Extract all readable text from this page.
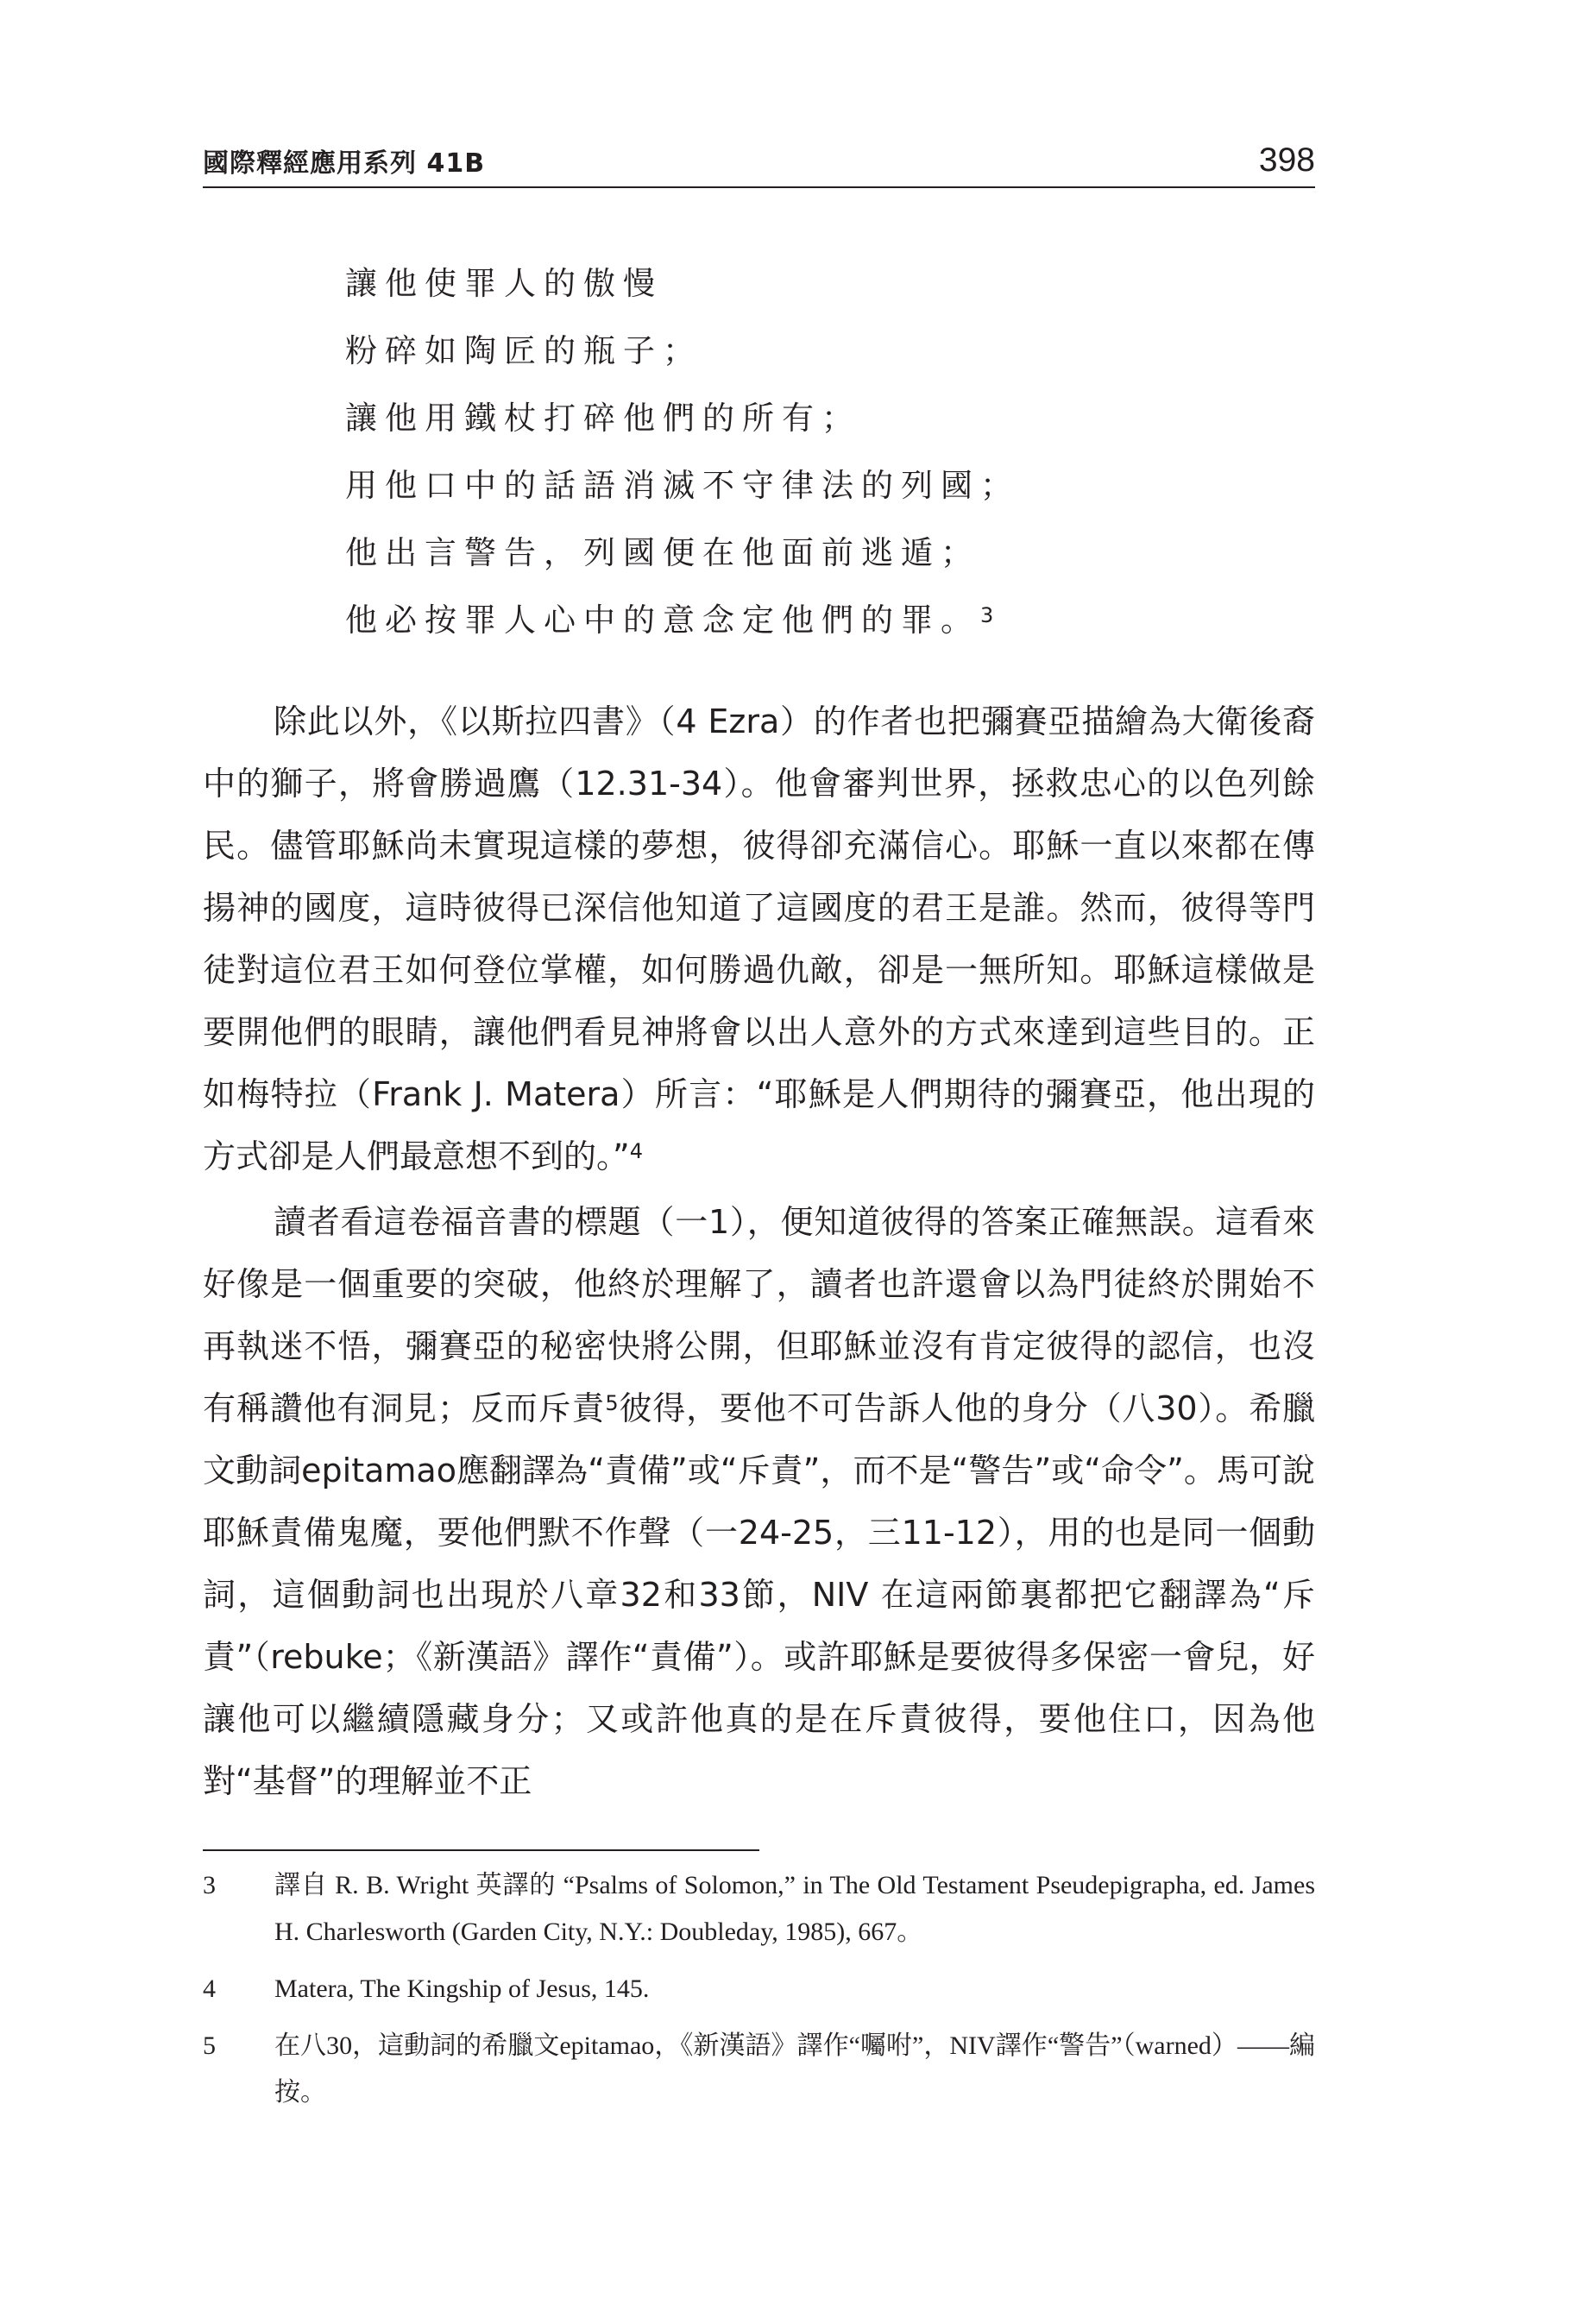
國際釋經應用系列 41B	398
讓他使罪人的傲慢
粉碎如陶匠的瓶子；
讓他用鐵杖打碎他們的所有；
用他口中的話語消滅不守律法的列國；
他出言警告，列國便在他面前逃遁；
他必按罪人心中的意念定他們的罪。$^3$

除此以外，《以斯拉四書》（4 Ezra）的作者也把彌賽亞描繪為大衛後裔中的獅子，將會勝過鷹（12.31-34）。他會審判世界，拯救忠心的以色列餘民。儘管耶穌尚未實現這樣的夢想，彼得卻充滿信心。耶穌一直以來都在傳揚神的國度，這時彼得已深信他知道了這國度的君王是誰。然而，彼得等門徒對這位君王如何登位掌權，如何勝過仇敵，卻是一無所知。耶穌這樣做是要開他們的眼睛，讓他們看見神將會以出人意外的方式來達到這些目的。正如梅特拉（Frank J. Matera）所言：“耶穌是人們期待的彌賽亞，他出現的方式卻是人們最意想不到的。”$^4$

讀者看這卷福音書的標題（一1），便知道彼得的答案正確無誤。這看來好像是一個重要的突破，他終於理解了，讀者也許還會以為門徒終於開始不再執迷不悟，彌賽亞的秘密快將公開，但耶穌並沒有肯定彼得的認信，也沒有稱讚他有洞見；反而斥責$^5$彼得，要他不可告訴人他的身分（八30）。希臘文動詞epitamao應翻譯為“責備”或“斥責”，而不是“警告”或“命令”。馬可說耶穌責備鬼魔，要他們默不作聲（一24-25，三11-12），用的也是同一個動詞，這個動詞也出現於八章32和33節，NIV 在這兩節裏都把它翻譯為“斥責”（rebuke；《新漢語》譯作“責備”）。或許耶穌是要彼得多保密一會兒，好讓他可以繼續隱藏身分；又或許他真的是在斥責彼得，要他住口，因為他對“基督”的理解並不正

3 譯自 R. B. Wright 英譯的 “Psalms of Solomon,” in The Old Testament Pseudepigrapha, ed. James H. Charlesworth (Garden City, N.Y.: Doubleday, 1985), 667。
4 Matera, The Kingship of Jesus, 145.
5 在八30，這動詞的希臘文epitamao，《新漢語》譯作“囑咐”，NIV譯作“警告”（warned）——編按。
